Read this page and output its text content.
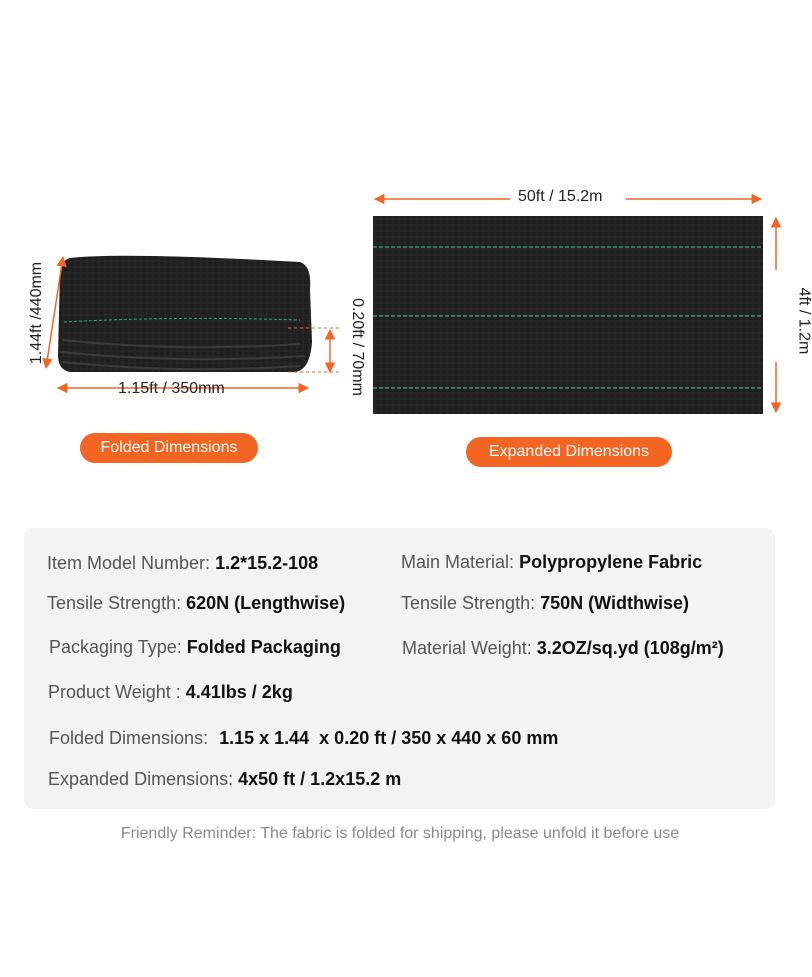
50ft / 15.2m
4ft / 1.2m
1.44ft /440mm
1.15ft / 350mm	0.20ft / 70mm
Folded Dimensions	Expanded Dimensions
Item Model Number: 1.2*15.2-108	Main Material: Polypropylene Fabric
Tensile Strength: 620N (Lengthwise)	Tensile Strength: 750N (Widthwise)
Packaging Type: Folded Packaging	Material Weight: 3.2OZ/sq.yd (108g/m²)
Product Weight : 4.41lbs / 2kg
Folded Dimensions: 1.15 x 1.44  x 0.20 ft / 350 x 440 x 60 mm
Expanded Dimensions: 4x50 ft / 1.2x15.2 m
Friendly Reminder: The fabric is folded for shipping, please unfold it before use
